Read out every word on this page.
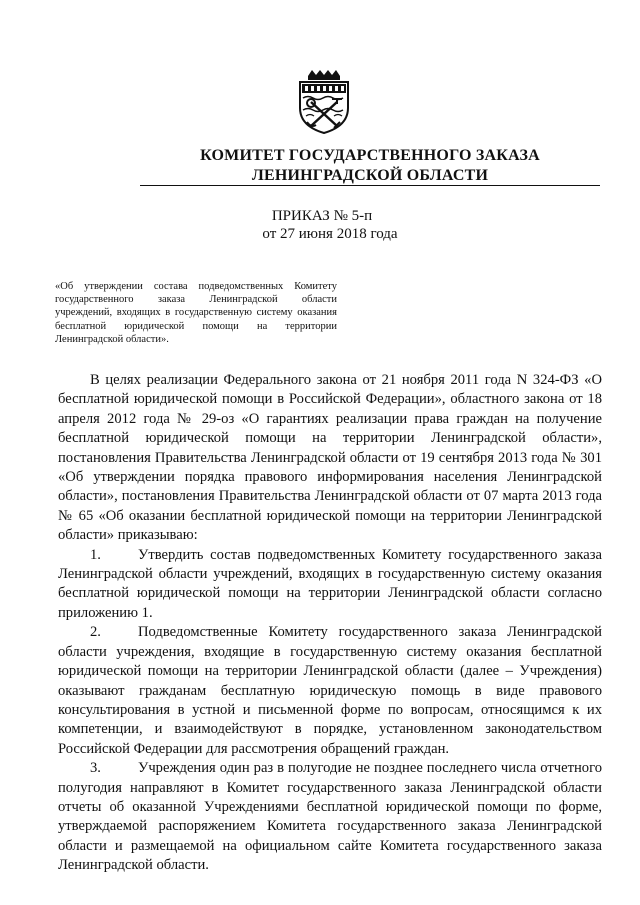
КОМИТЕТ ГОСУДАРСТВЕННОГО ЗАКАЗА
ЛЕНИНГРАДСКОЙ ОБЛАСТИ
ПРИКАЗ № 5-п
от 27 июня 2018 года
«Об утверждении состава подведомственных Комитету
государственного заказа Ленинградской области
учреждений, входящих в государственную систему оказания
бесплатной юридической помощи на территории
Ленинградской области».

В целях реализации Федерального закона от 21 ноября 2011 года N 324-ФЗ «О бесплатной юридической помощи в Российской Федерации», областного закона от 18 апреля 2012 года № 29-оз «О гарантиях реализации права граждан на получение бесплатной юридической помощи на территории Ленинградской области», постановления Правительства Ленинградской области от 19 сентября 2013 года № 301 «Об утверждении порядка правового информирования населения Ленинградской области», постановления Правительства Ленинградской области от 07 марта 2013 года № 65 «Об оказании бесплатной юридической помощи на территории Ленинградской области» приказываю:

1.	Утвердить состав подведомственных Комитету государственного заказа Ленинградской области учреждений, входящих в государственную систему оказания бесплатной юридической помощи на территории Ленинградской области согласно приложению 1.

2.	Подведомственные Комитету государственного заказа Ленинградской области учреждения, входящие в государственную систему оказания бесплатной юридической помощи на территории Ленинградской области (далее – Учреждения) оказывают гражданам бесплатную юридическую помощь в виде правового консультирования в устной и письменной форме по вопросам, относящимся к их компетенции, и взаимодействуют в порядке, установленном законодательством Российской Федерации для рассмотрения обращений граждан.

3.	Учреждения один раз в полугодие не позднее последнего числа отчетного полугодия направляют в Комитет государственного заказа Ленинградской области отчеты об оказанной Учреждениями бесплатной юридической помощи по форме, утверждаемой распоряжением Комитета государственного заказа Ленинградской области и размещаемой на официальном сайте Комитета государственного заказа Ленинградской области.
